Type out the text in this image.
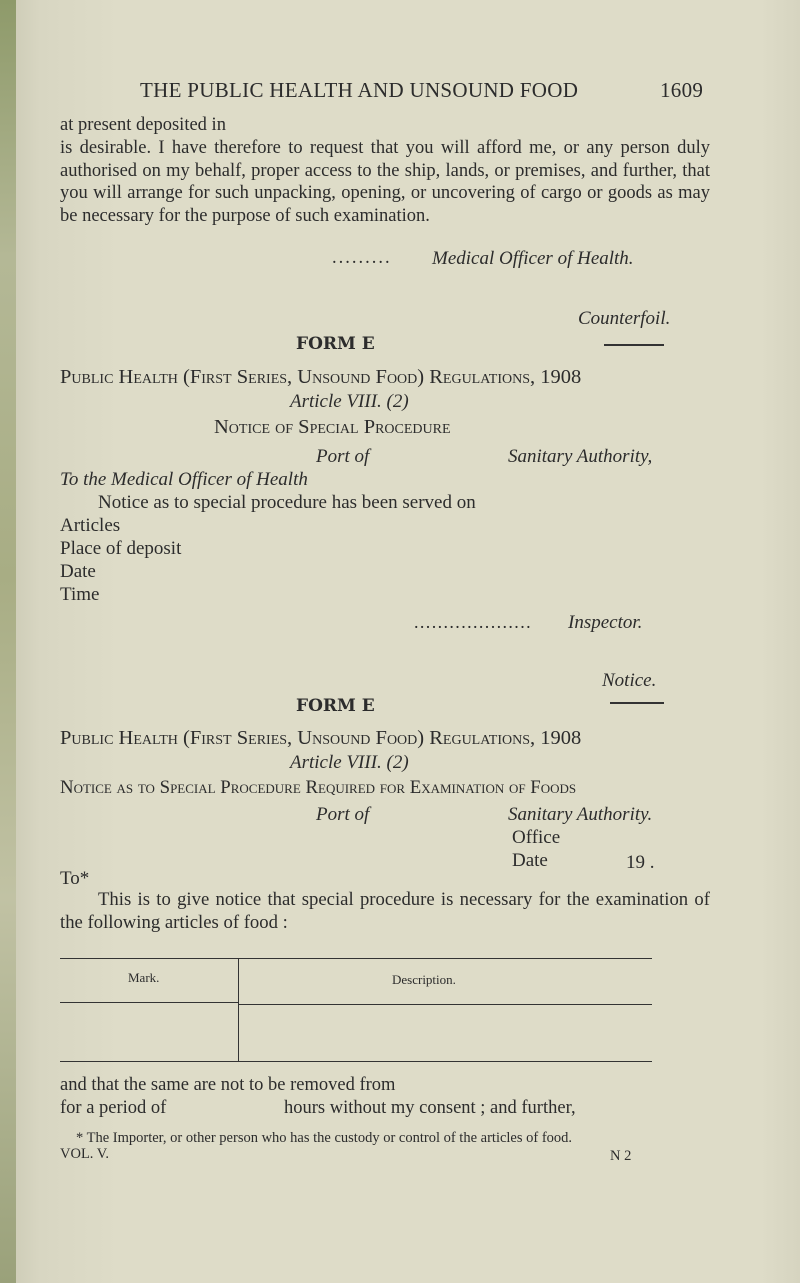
THE PUBLIC HEALTH AND UNSOUND FOOD	1609
at present deposited in
is desirable. I have therefore to request that you will afford me, or any person duly authorised on my behalf, proper access to the ship, lands, or premises, and further, that you will arrange for such unpacking, opening, or uncovering of cargo or goods as may be necessary for the purpose of such examination.
......... Medical Officer of Health.
Counterfoil.
FORM E
Public Health (First Series, Unsound Food) Regulations, 1908
Article VIII. (2)
Notice of Special Procedure
Port of	Sanitary Authority,
To the Medical Officer of Health
Notice as to special procedure has been served on
Articles
Place of deposit
Date
Time
.................... Inspector.
Notice.
FORM E
Public Health (First Series, Unsound Food) Regulations, 1908
Article VIII. (2)
Notice as to Special Procedure Required for Examination of Foods
Port of	Sanitary Authority.
Office
Date	19 .
To*
This is to give notice that special procedure is necessary for the examination of the following articles of food :
Mark.	Description.
and that the same are not to be removed from
for a period of	hours without my consent ; and further,
* The Importer, or other person who has the custody or control of the articles of food.
VOL. V.	N 2
